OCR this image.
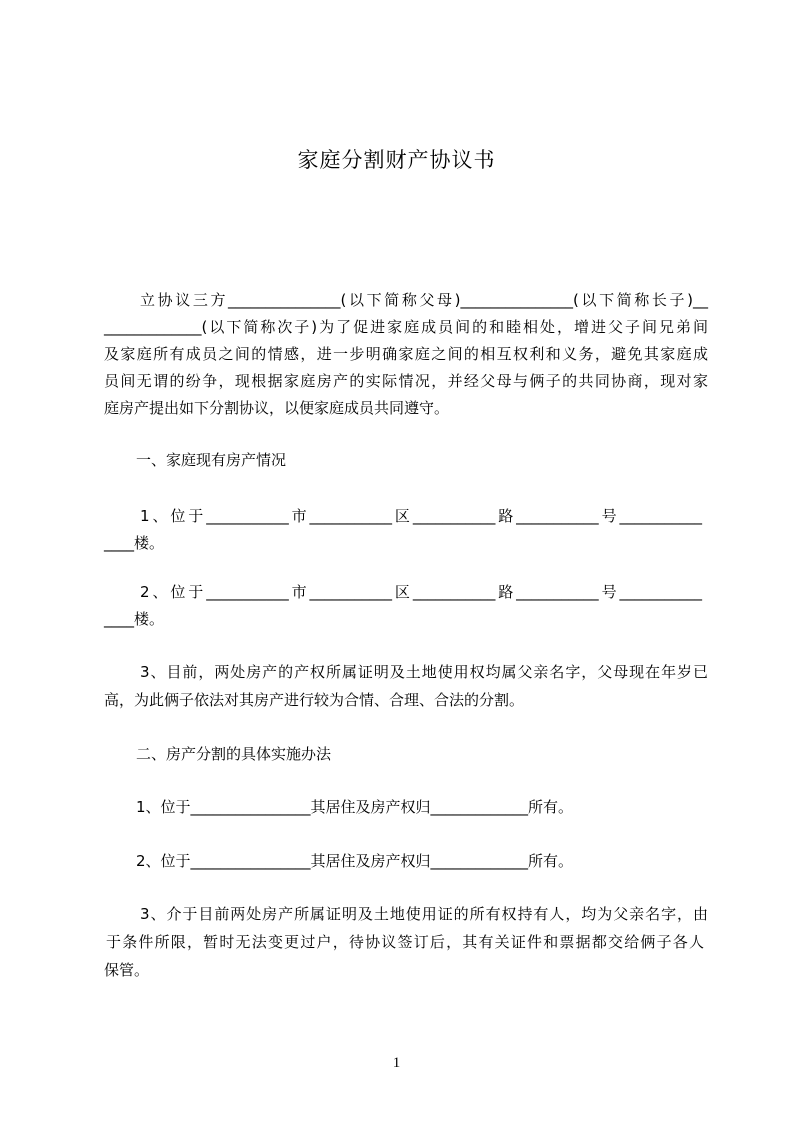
家庭分割财产协议书
立协议三方_______________(以下简称父母)_______________(以下简称长子)__
_____________(以下简称次子)为了促进家庭成员间的和睦相处，增进父子间兄弟间
及家庭所有成员之间的情感，进一步明确家庭之间的相互权利和义务，避免其家庭成
员间无谓的纷争，现根据家庭房产的实际情况，并经父母与俩子的共同协商，现对家
庭房产提出如下分割协议，以便家庭成员共同遵守。
一、家庭现有房产情况
1、位于___________市___________区___________路___________号___________
____楼。
2、位于___________市___________区___________路___________号___________
____楼。
3、目前，两处房产的产权所属证明及土地使用权均属父亲名字，父母现在年岁已
高，为此俩子依法对其房产进行较为合情、合理、合法的分割。
二、房产分割的具体实施办法
1、位于________________其居住及房产权归_____________所有。
2、位于________________其居住及房产权归_____________所有。
3、介于目前两处房产所属证明及土地使用证的所有权持有人，均为父亲名字，由
于条件所限，暂时无法变更过户，待协议签订后，其有关证件和票据都交给俩子各人
保管。
1
